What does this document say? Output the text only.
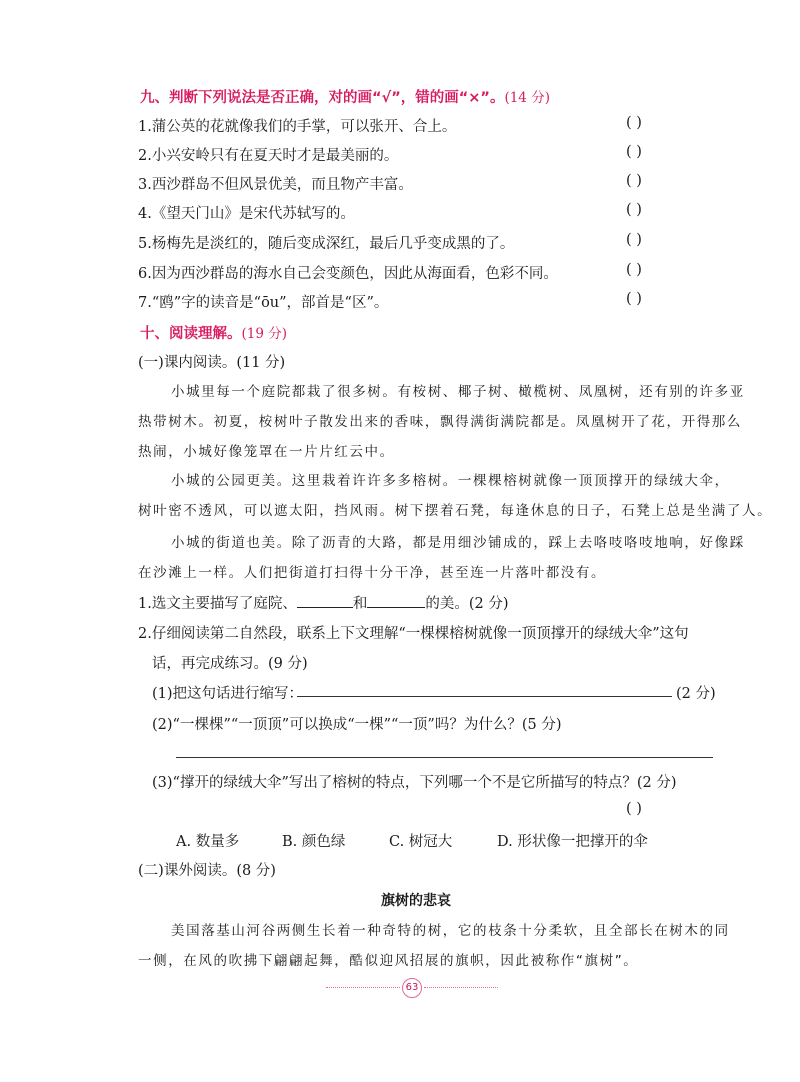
九、判断下列说法是否正确，对的画“√”，错的画“×”。(14 分)
1.蒲公英的花就像我们的手掌，可以张开、合上。	( )
2.小兴安岭只有在夏天时才是最美丽的。	( )
3.西沙群岛不但风景优美，而且物产丰富。	( )
4.《望天门山》是宋代苏轼写的。	( )
5.杨梅先是淡红的，随后变成深红，最后几乎变成黑的了。	( )
6.因为西沙群岛的海水自己会变颜色，因此从海面看，色彩不同。	( )
7.“鸥”字的读音是“ōu”，部首是“区”。	( )
十、阅读理解。(19 分)
(一)课内阅读。(11 分)
小城里每一个庭院都栽了很多树。有桉树、椰子树、橄榄树、凤凰树，还有别的许多亚
热带树木。初夏，桉树叶子散发出来的香味，飘得满街满院都是。凤凰树开了花，开得那么
热闹，小城好像笼罩在一片片红云中。
小城的公园更美。这里栽着许许多多榕树。一棵棵榕树就像一顶顶撑开的绿绒大伞，
树叶密不透风，可以遮太阳，挡风雨。树下摆着石凳，每逢休息的日子，石凳上总是坐满了人。
小城的街道也美。除了沥青的大路，都是用细沙铺成的，踩上去咯吱咯吱地响，好像踩
在沙滩上一样。人们把街道打扫得十分干净，甚至连一片落叶都没有。
1.选文主要描写了庭院、	和	的美。(2 分)
2.仔细阅读第二自然段，联系上下文理解“一棵棵榕树就像一顶顶撑开的绿绒大伞”这句
话，再完成练习。(9 分)
(1)把这句话进行缩写：	(2 分)
(2)“一棵棵”“一顶顶”可以换成“一棵”“一顶”吗？为什么？(5 分)
(3)“撑开的绿绒大伞”写出了榕树的特点，下列哪一个不是它所描写的特点？(2 分)
( )
A. 数量多	B. 颜色绿	C. 树冠大	D. 形状像一把撑开的伞
(二)课外阅读。(8 分)
旗树的悲哀
美国落基山河谷两侧生长着一种奇特的树，它的枝条十分柔软，且全部长在树木的同
一侧，在风的吹拂下翩翩起舞，酷似迎风招展的旗帜，因此被称作“旗树”。
63
